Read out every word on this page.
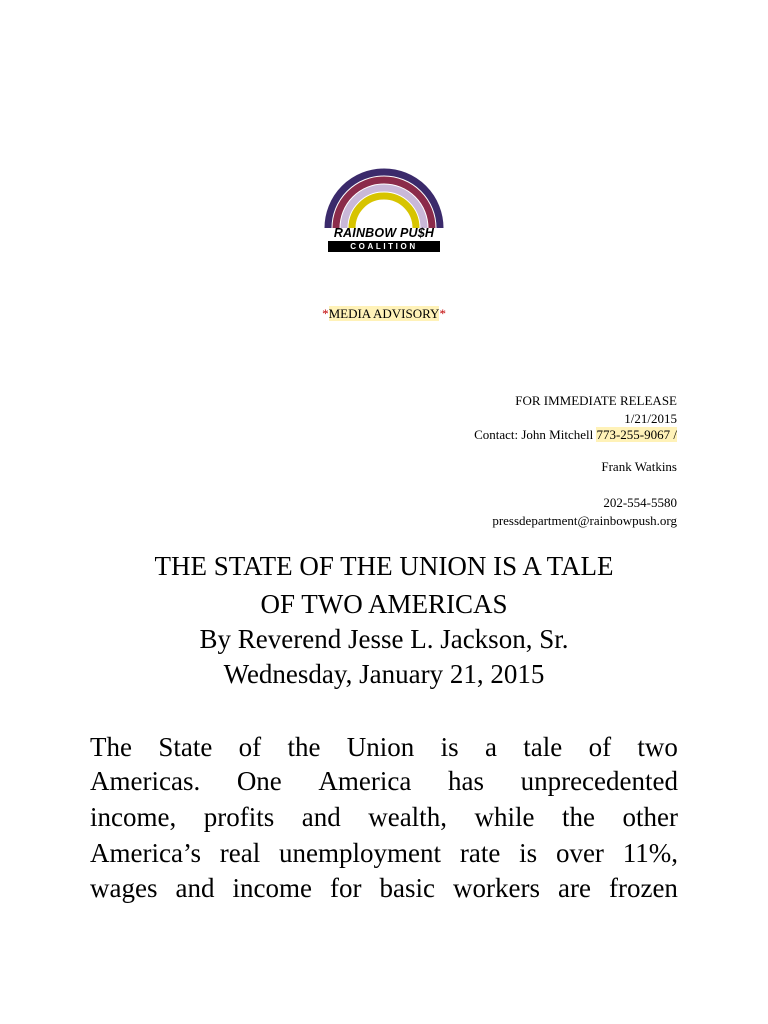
RAINBOW PU$H
COALITION
*MEDIA ADVISORY*
FOR IMMEDIATE RELEASE
1/21/2015
Contact: John Mitchell 773-255-9067 /
Frank Watkins
202-554-5580
pressdepartment@rainbowpush.org
THE STATE OF THE UNION IS A TALE
OF TWO AMERICAS
By Reverend Jesse L. Jackson, Sr.
Wednesday, January 21, 2015
The State of the Union is a tale of two
Americas. One America has unprecedented
income, profits and wealth, while the other
America’s real unemployment rate is over 11%,
wages and income for basic workers are frozen
